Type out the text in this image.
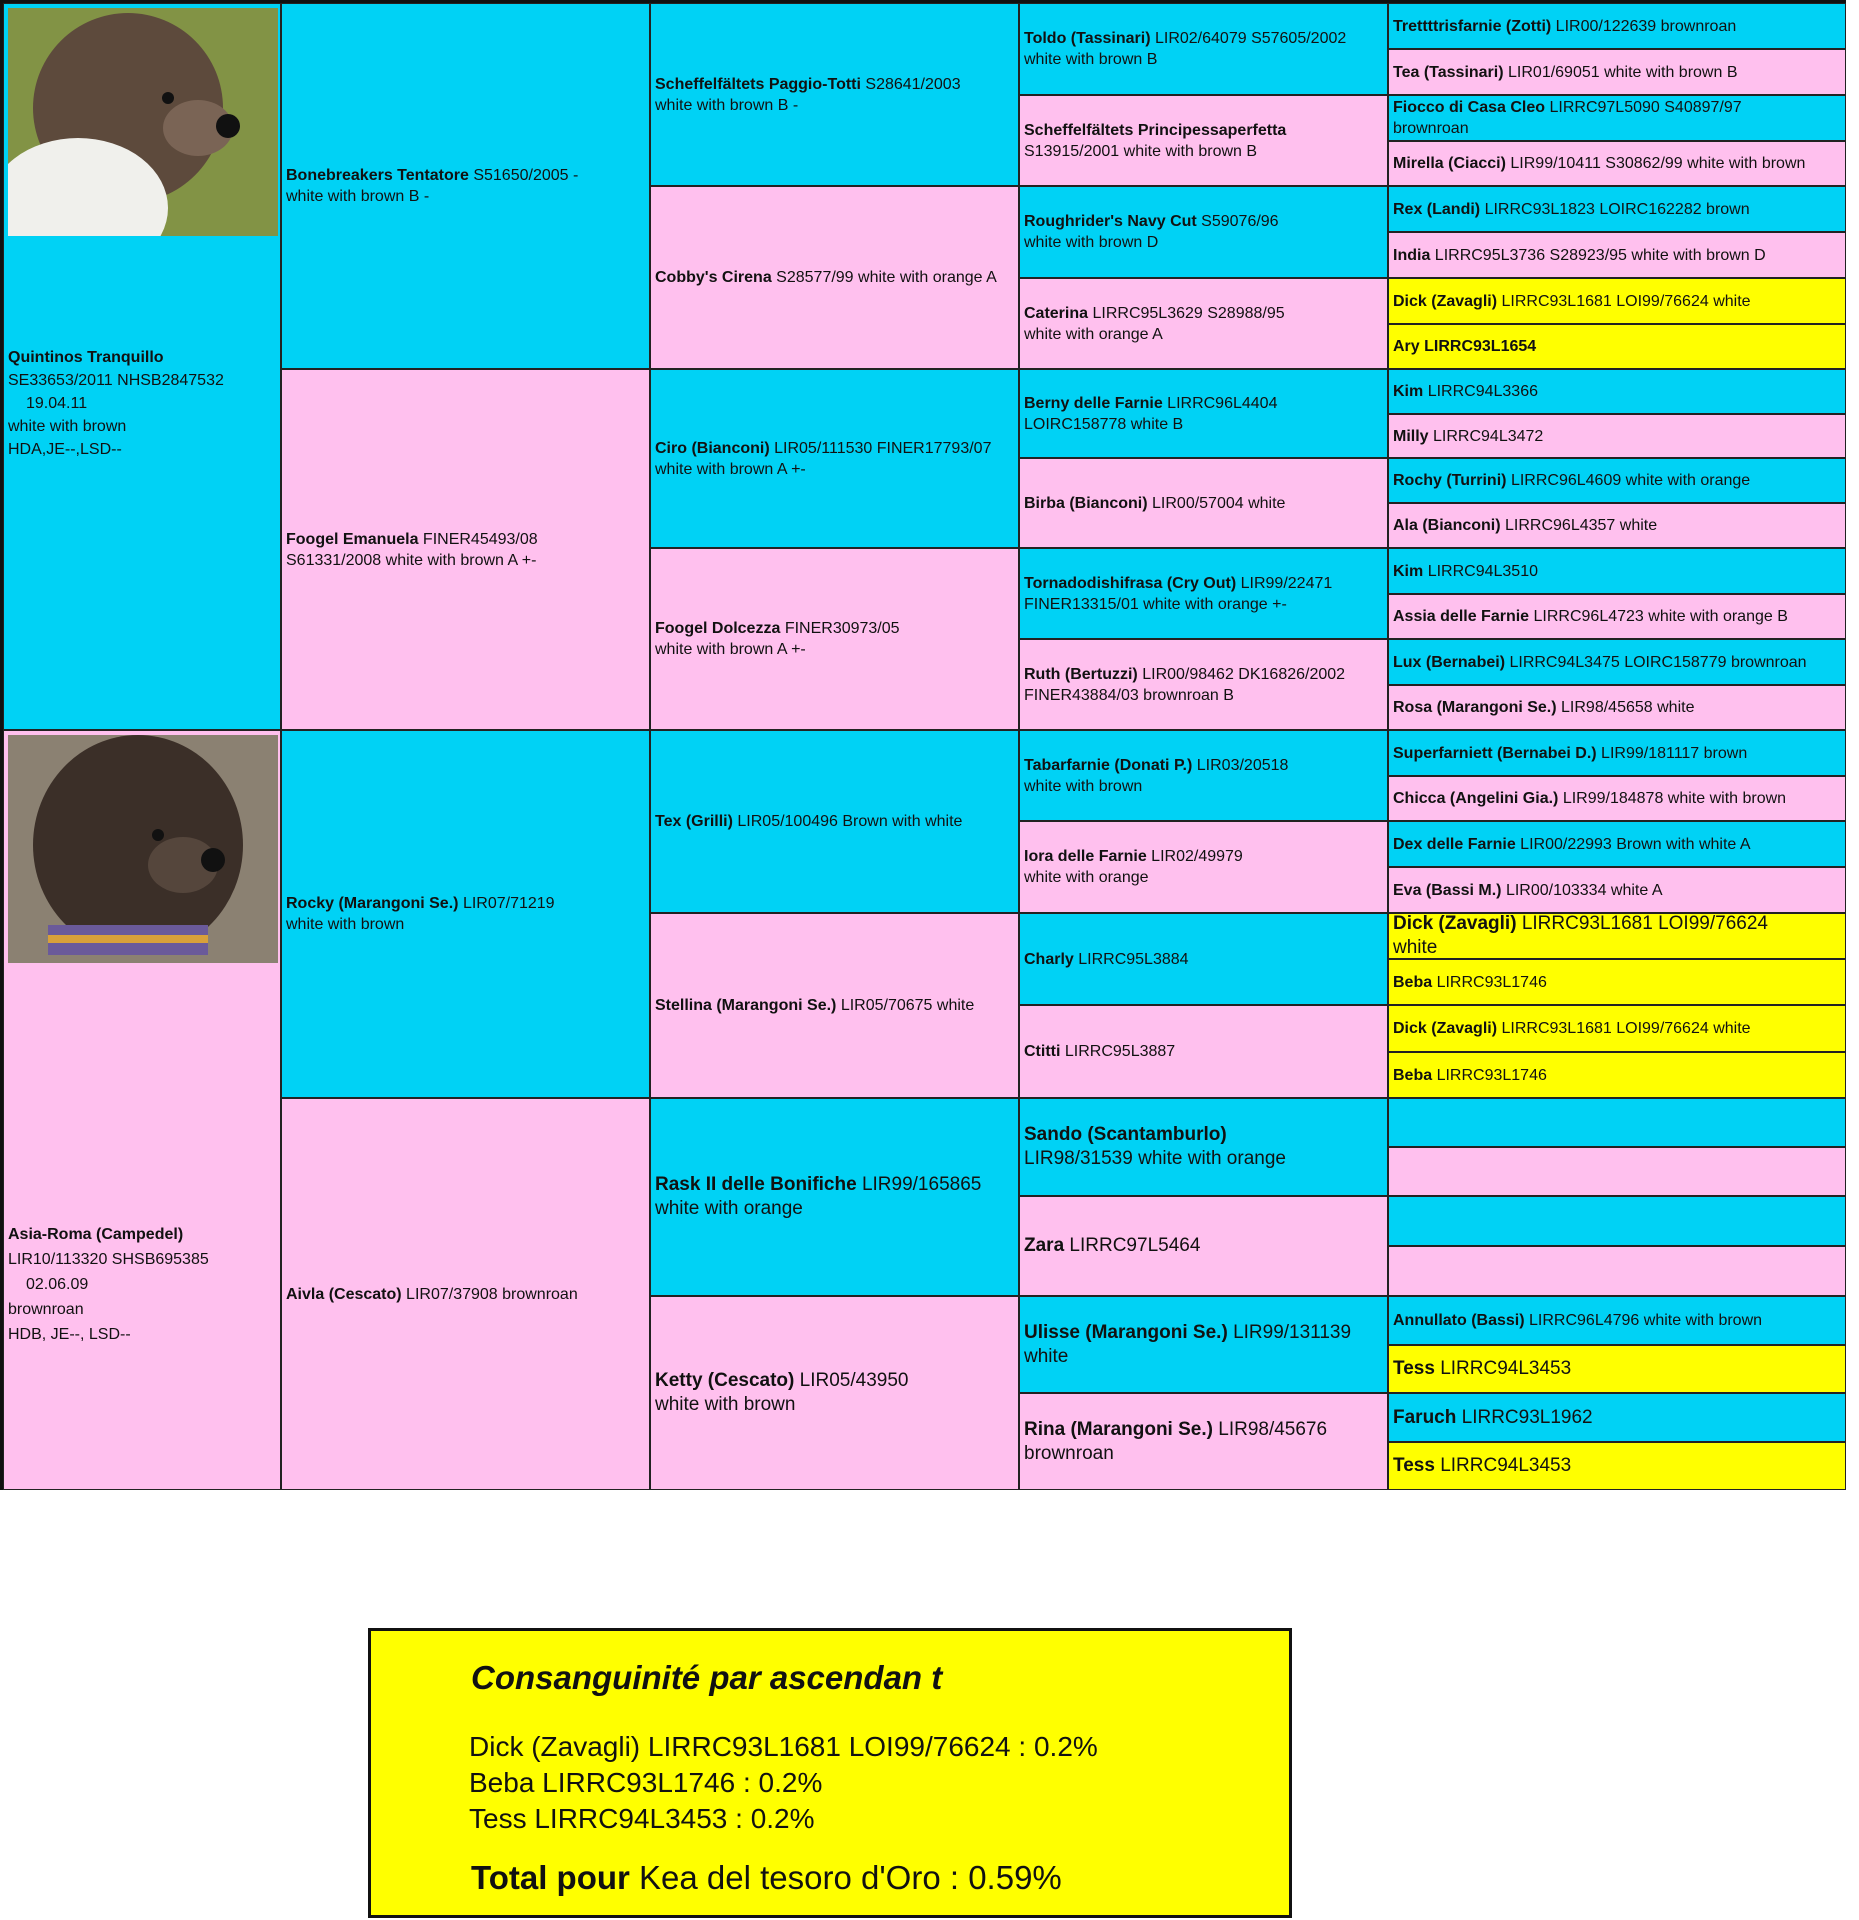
Bonebreakers Tentatore S51650/2005 -
white with brown B -
Foogel Emanuela FINER45493/08
S61331/2008 white with brown A +-
Rocky (Marangoni Se.) LIR07/71219
white with brown
Aivla (Cescato) LIR07/37908 brownroan
Scheffelfältets Paggio-Totti S28641/2003
white with brown B -
Cobby's Cirena S28577/99 white with orange A
Ciro (Bianconi) LIR05/111530 FINER17793/07
white with brown A +-
Foogel Dolcezza FINER30973/05
white with brown A +-
Tex (Grilli) LIR05/100496 Brown with white
Stellina (Marangoni Se.) LIR05/70675 white
Rask II delle Bonifiche LIR99/165865
white with orange
Ketty (Cescato) LIR05/43950
white with brown
Toldo (Tassinari) LIR02/64079 S57605/2002
white with brown B
Scheffelfältets Principessaperfetta
S13915/2001 white with brown B
Roughrider's Navy Cut S59076/96
white with brown D
Caterina LIRRC95L3629 S28988/95
white with orange A
Berny delle Farnie LIRRC96L4404
LOIRC158778 white B
Birba (Bianconi) LIR00/57004 white
Tornadodishifrasa (Cry Out) LIR99/22471
FINER13315/01 white with orange +-
Ruth (Bertuzzi) LIR00/98462 DK16826/2002
FINER43884/03 brownroan B
Tabarfarnie (Donati P.) LIR03/20518
white with brown
Iora delle Farnie LIR02/49979
white with orange
Charly LIRRC95L3884
Ctitti LIRRC95L3887
Sando (Scantamburlo)
LIR98/31539 white with orange
Zara LIRRC97L5464
Ulisse (Marangoni Se.) LIR99/131139
white
Rina (Marangoni Se.) LIR98/45676
brownroan
Trettttrisfarnie (Zotti) LIR00/122639 brownroan
Tea (Tassinari) LIR01/69051 white with brown B
Fiocco di Casa Cleo LIRRC97L5090 S40897/97
brownroan
Mirella (Ciacci) LIR99/10411 S30862/99 white with brown
Rex (Landi) LIRRC93L1823 LOIRC162282 brown
India LIRRC95L3736 S28923/95 white with brown D
Dick (Zavagli) LIRRC93L1681 LOI99/76624 white
Ary LIRRC93L1654
Kim LIRRC94L3366
Milly LIRRC94L3472
Rochy (Turrini) LIRRC96L4609 white with orange
Ala (Bianconi) LIRRC96L4357 white
Kim LIRRC94L3510
Assia delle Farnie LIRRC96L4723 white with orange B
Lux (Bernabei) LIRRC94L3475 LOIRC158779 brownroan
Rosa (Marangoni Se.) LIR98/45658 white
Superfarniett (Bernabei D.) LIR99/181117 brown
Chicca (Angelini Gia.) LIR99/184878 white with brown
Dex delle Farnie LIR00/22993 Brown with white A
Eva (Bassi M.) LIR00/103334 white A
Dick (Zavagli) LIRRC93L1681 LOI99/76624
white
Beba LIRRC93L1746
Dick (Zavagli) LIRRC93L1681 LOI99/76624 white
Beba LIRRC93L1746
Annullato (Bassi) LIRRC96L4796 white with brown
Tess LIRRC94L3453
Faruch LIRRC93L1962
Tess LIRRC94L3453
Quintinos Tranquillo
SE33653/2011 NHSB2847532
19.04.11
white with brown
HDA,JE--,LSD--
Asia-Roma (Campedel)
LIR10/113320 SHSB695385
02.06.09
brownroan
HDB, JE--, LSD--
Consanguinité par ascendan t
Dick (Zavagli) LIRRC93L1681 LOI99/76624 : 0.2%
Beba LIRRC93L1746 : 0.2%
Tess LIRRC94L3453 : 0.2%
Total pour Kea del tesoro d'Oro : 0.59%
